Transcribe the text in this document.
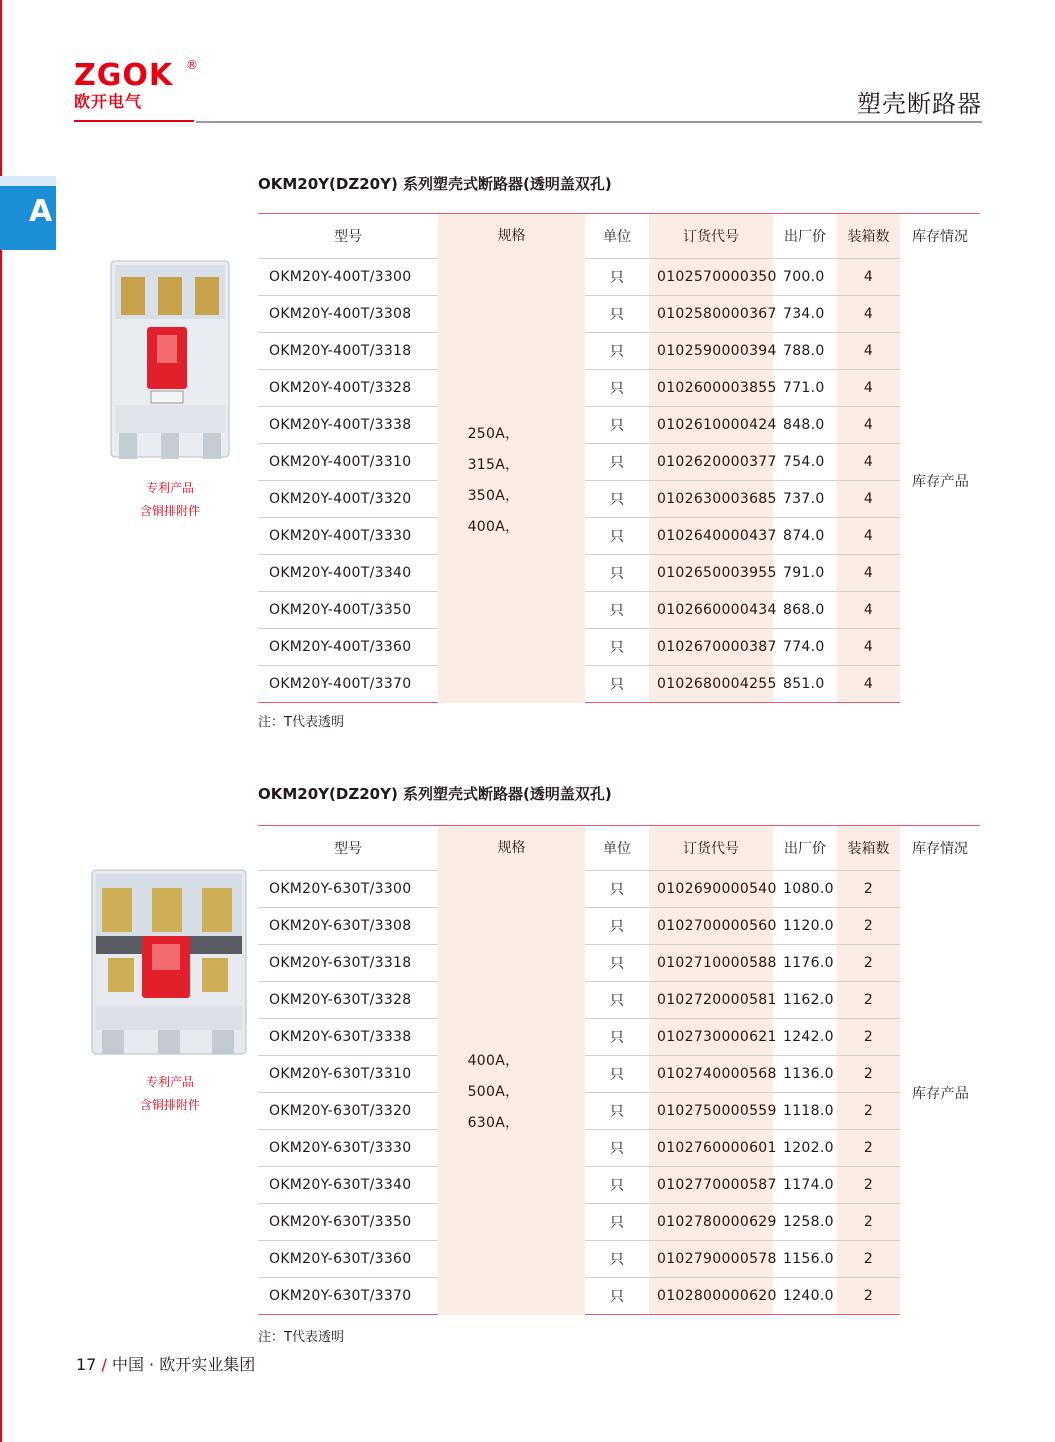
ZGOK	®
欧开电气	塑壳断路器
A
OKM20Y(DZ20Y) 系列塑壳式断路器(透明盖双孔)
专利产品
含铜排附件
型号	规格	单位	订货代号	出厂价	装箱数	库存情况
OKM20Y-400T/3300	250A，
315A，
350A，
400A，	只	0102570000350	700.0	4	库存产品
OKM20Y-400T/3308		只	0102580000367	734.0	4	
OKM20Y-400T/3318		只	0102590000394	788.0	4	
OKM20Y-400T/3328		只	0102600003855	771.0	4	
OKM20Y-400T/3338		只	0102610000424	848.0	4	
OKM20Y-400T/3310		只	0102620000377	754.0	4	
OKM20Y-400T/3320		只	0102630003685	737.0	4	
OKM20Y-400T/3330		只	0102640000437	874.0	4	
OKM20Y-400T/3340		只	0102650003955	791.0	4	
OKM20Y-400T/3350		只	0102660000434	868.0	4	
OKM20Y-400T/3360		只	0102670000387	774.0	4	
OKM20Y-400T/3370		只	0102680004255	851.0	4	
注：T代表透明
OKM20Y(DZ20Y) 系列塑壳式断路器(透明盖双孔)
专利产品
含铜排附件
型号	规格	单位	订货代号	出厂价	装箱数	库存情况
OKM20Y-630T/3300	400A，
500A，
630A，	只	0102690000540	1080.0	2	库存产品
OKM20Y-630T/3308		只	0102700000560	1120.0	2	
OKM20Y-630T/3318		只	0102710000588	1176.0	2	
OKM20Y-630T/3328		只	0102720000581	1162.0	2	
OKM20Y-630T/3338		只	0102730000621	1242.0	2	
OKM20Y-630T/3310		只	0102740000568	1136.0	2	
OKM20Y-630T/3320		只	0102750000559	1118.0	2	
OKM20Y-630T/3330		只	0102760000601	1202.0	2	
OKM20Y-630T/3340		只	0102770000587	1174.0	2	
OKM20Y-630T/3350		只	0102780000629	1258.0	2	
OKM20Y-630T/3360		只	0102790000578	1156.0	2	
OKM20Y-630T/3370		只	0102800000620	1240.0	2	
注：T代表透明
17 / 中国 · 欧开实业集团
